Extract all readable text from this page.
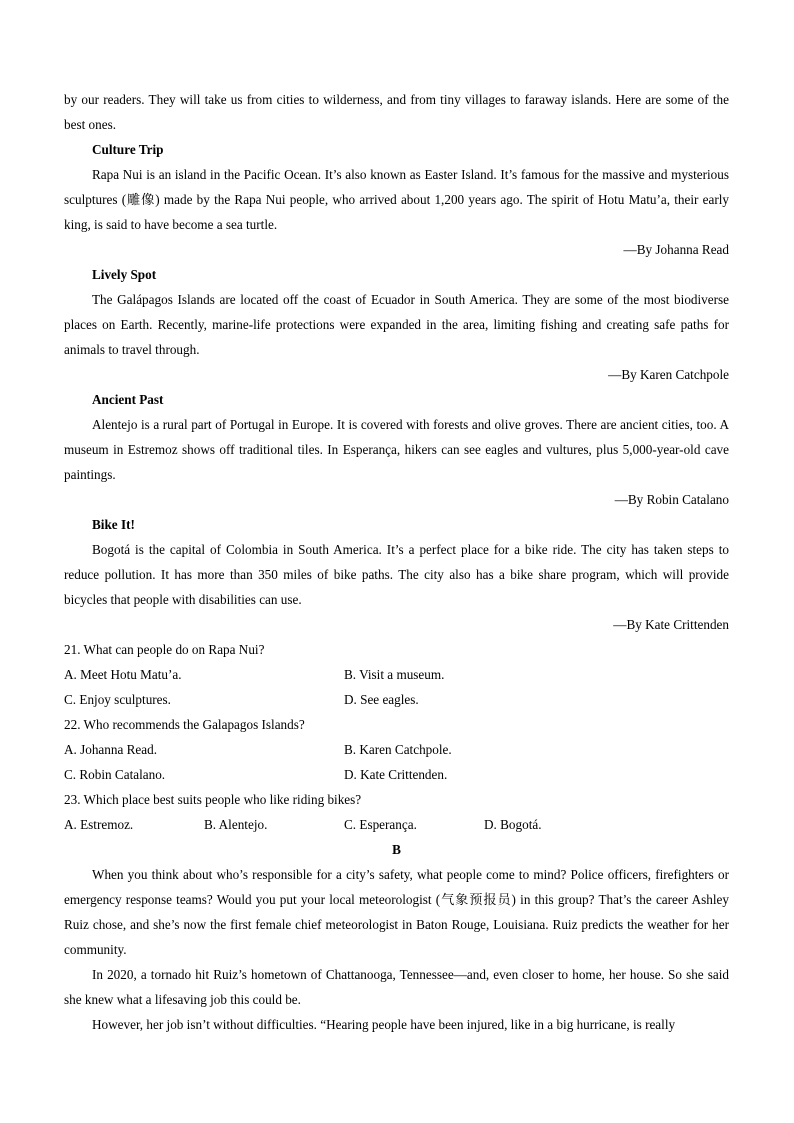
by our readers. They will take us from cities to wilderness, and from tiny villages to faraway islands. Here are some of the best ones.

Culture Trip

Rapa Nui is an island in the Pacific Ocean. It’s also known as Easter Island. It’s famous for the massive and mysterious sculptures (雕像) made by the Rapa Nui people, who arrived about 1,200 years ago. The spirit of Hotu Matu’a, their early king, is said to have become a sea turtle.

—By Johanna Read

Lively Spot

The Galápagos Islands are located off the coast of Ecuador in South America. They are some of the most biodiverse places on Earth. Recently, marine-life protections were expanded in the area, limiting fishing and creating safe paths for animals to travel through.

—By Karen Catchpole

Ancient Past

Alentejo is a rural part of Portugal in Europe. It is covered with forests and olive groves. There are ancient cities, too. A museum in Estremoz shows off traditional tiles. In Esperança, hikers can see eagles and vultures, plus 5,000-year-old cave paintings.

—By Robin Catalano

Bike It!

Bogotá is the capital of Colombia in South America. It’s a perfect place for a bike ride. The city has taken steps to reduce pollution. It has more than 350 miles of bike paths. The city also has a bike share program, which will provide bicycles that people with disabilities can use.

—By Kate Crittenden

21. What can people do on Rapa Nui?

A. Meet Hotu Matu’a.	B. Visit a museum.

C. Enjoy sculptures.	D. See eagles.

22. Who recommends the Galapagos Islands?

A. Johanna Read.	B. Karen Catchpole.

C. Robin Catalano.	D. Kate Crittenden.

23. Which place best suits people who like riding bikes?

A. Estremoz.	B. Alentejo.	C. Esperança.	D. Bogotá.

B

When you think about who’s responsible for a city’s safety, what people come to mind? Police officers, firefighters or emergency response teams? Would you put your local meteorologist (气象预报员) in this group? That’s the career Ashley Ruiz chose, and she’s now the first female chief meteorologist in Baton Rouge, Louisiana. Ruiz predicts the weather for her community.

In 2020, a tornado hit Ruiz’s hometown of Chattanooga, Tennessee—and, even closer to home, her house. So she said she knew what a lifesaving job this could be.

However, her job isn’t without difficulties. “Hearing people have been injured, like in a big hurricane, is really
